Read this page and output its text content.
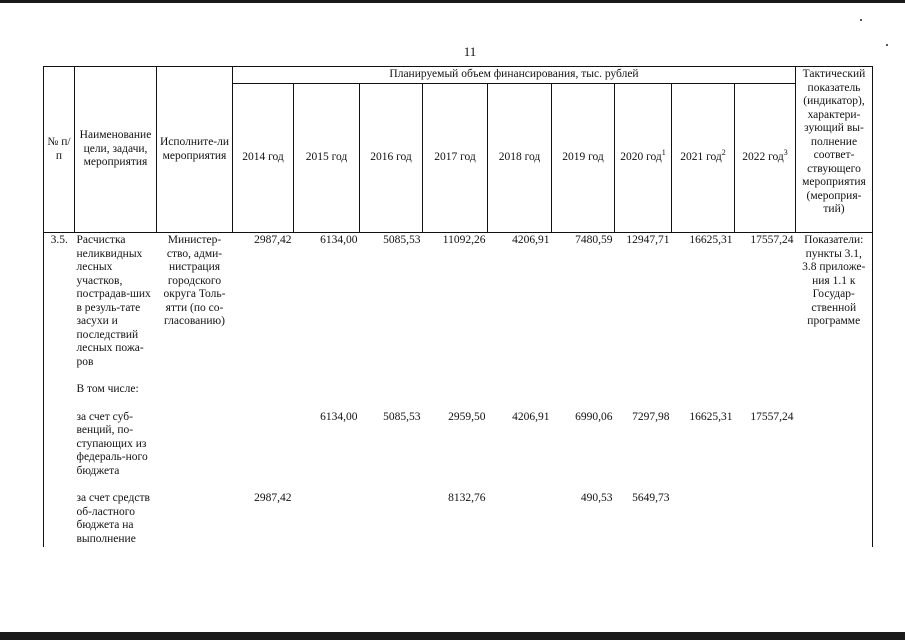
11
№ п/п	Наименование цели, задачи, мероприятия	Исполните-ли мероприятия	Планируемый объем финансирования, тыс. рублей									Тактический показатель (индикатор), характери-зующий вы-полнение соответ-ствующего мероприятия (мероприя-тий)
			2014 год	2015 год	2016 год	2017 год	2018 год	2019 год	2020 год$^1$	2021 год$^2$	2022 год$^3$
3.5.	Расчистка неликвидных лесных участков, пострадав-ших в резуль-тате засухи и последствий лесных пожа-ров	Министер-ство, адми-нистрация городского округа Толь-ятти (по со-гласованию)	2987,42	6134,00	5085,53	11092,26	4206,91	7480,59	12947,71	16625,31	17557,24	Показатели: пункты 3.1, 3.8 приложе-ния 1.1 к Государ-ственной программе

	В том числе:											

	за счет суб-венций, по-ступающих из федераль-ного бюджета			6134,00	5085,53	2959,50	4206,91	6990,06	7297,98	16625,31	17557,24	

	за счет средств об-ластного бюджета на выполнение		2987,42			8132,76		490,53	5649,73			
